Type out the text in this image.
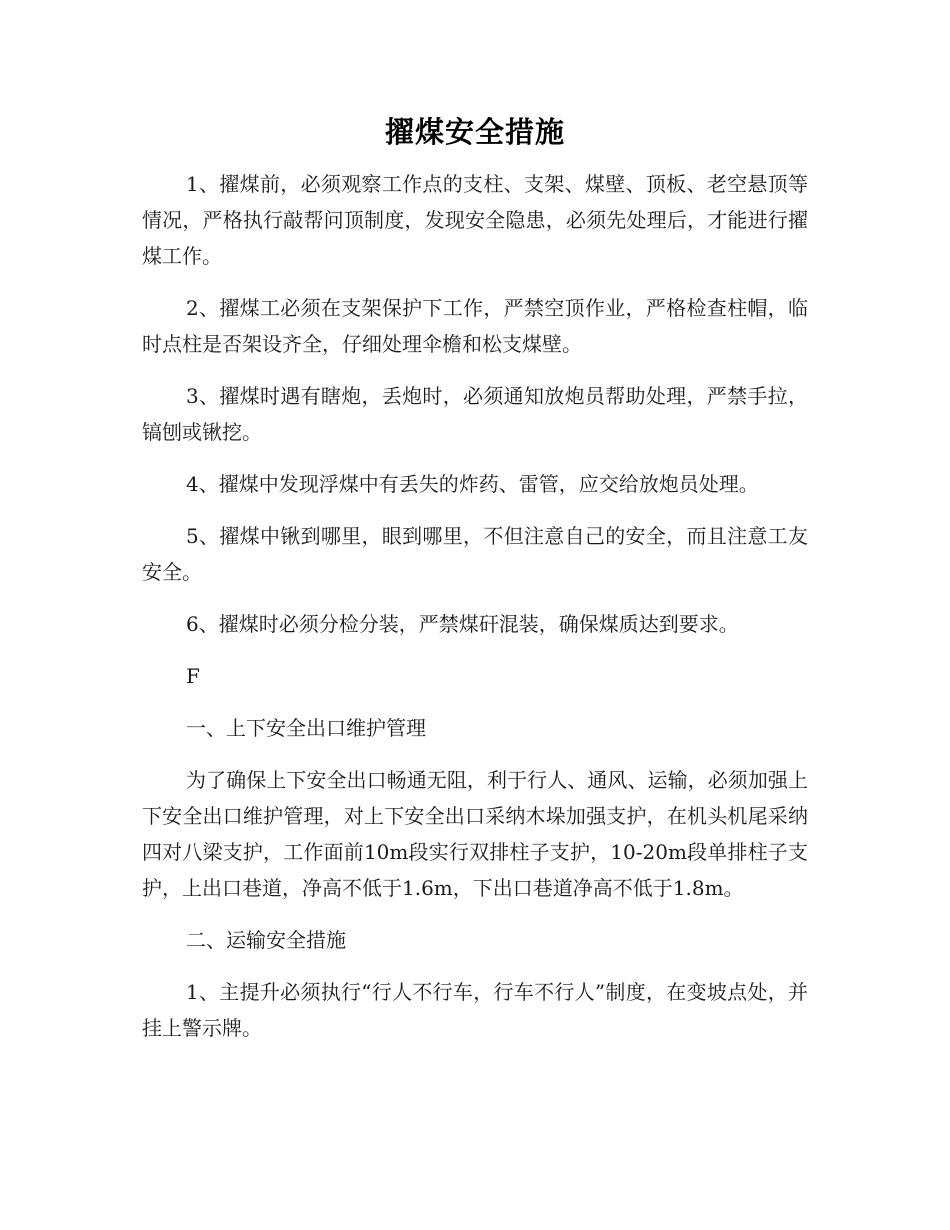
擢煤安全措施

1、擢煤前，必须观察工作点的支柱、支架、煤壁、顶板、老空悬顶等情况，严格执行敲帮问顶制度，发现安全隐患，必须先处理后，才能进行擢煤工作。

2、擢煤工必须在支架保护下工作，严禁空顶作业，严格检查柱帽，临时点柱是否架设齐全，仔细处理伞檐和松支煤壁。

3、擢煤时遇有瞎炮，丢炮时，必须通知放炮员帮助处理，严禁手拉，镐刨或锹挖。

4、擢煤中发现浮煤中有丢失的炸药、雷管，应交给放炮员处理。

5、擢煤中锹到哪里，眼到哪里，不但注意自己的安全，而且注意工友安全。

6、擢煤时必须分检分装，严禁煤矸混装，确保煤质达到要求。

F

一、上下安全出口维护管理

为了确保上下安全出口畅通无阻，利于行人、通风、运输，必须加强上下安全出口维护管理，对上下安全出口采纳木垛加强支护，在机头机尾采纳四对八梁支护，工作面前10m段实行双排柱子支护，10-20m段单排柱子支护，上出口巷道，净高不低于1.6m，下出口巷道净高不低于1.8m。

二、运输安全措施

1、主提升必须执行“行人不行车，行车不行人”制度，在变坡点处，并挂上警示牌。
